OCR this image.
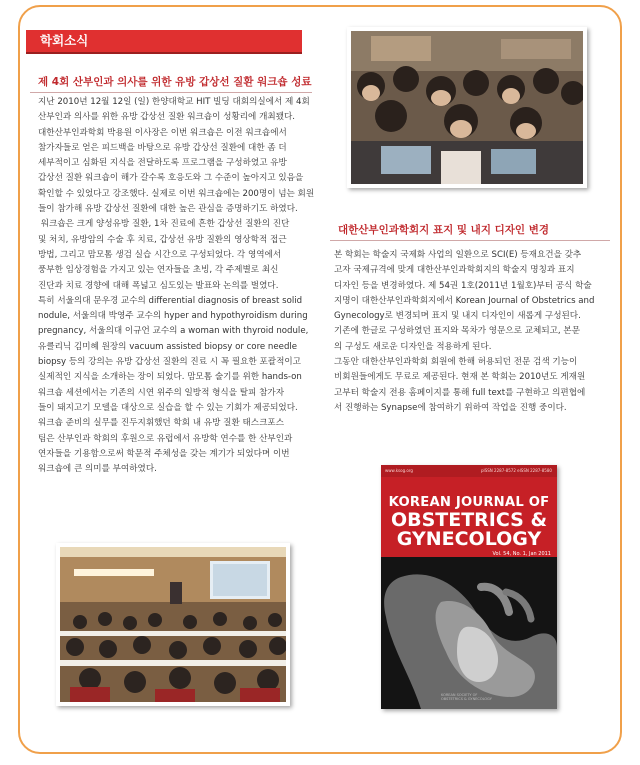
학회소식
제 4회 산부인과 의사를 위한 유방 갑상선 질환 워크숍 성료

지난 2010년 12월 12일 (일) 한양대학교 HIT 빌딩 대회의실에서 제 4회

산부인과 의사를 위한 유방 갑상선 질환 워크숍이 성황리에 개최됐다.

대한산부인과학회 박용원 이사장은 이번 워크숍은 이전 워크숍에서

참가자들로 얻은 피드백을 바탕으로 유방 갑상선 질환에 대한 좀 더

세부적이고 심화된 지식을 전달하도록 프로그램을 구성하였고 유방

갑상선 질환 워크숍이 해가 갈수록 호응도와 그 수준이 높아지고 있음을

확인할 수 있었다고 강조했다. 실제로 이번 워크숍에는 200명이 넘는 회원

들이 참가해 유방 갑상선 질환에 대한 높은 관심을 증명하기도 하였다.

워크숍은 크게 양성유방 질환, 1차 진료에 흔한 갑상선 질환의 진단

및 처치, 유방암의 수술 후 치료, 갑상선 유방 질환의 영상학적 접근

방법, 그리고 맘모톰 생검 실습 시간으로 구성되었다. 각 영역에서

풍부한 임상경험을 가지고 있는 연자들을 초빙, 각 주제별로 최신

진단과 치료 경향에 대해 폭넓고 심도있는 발표와 논의를 벌였다.

특히 서울의대 문우경 교수의 differential diagnosis of breast solid

nodule, 서울의대 박영주 교수의 hyper and hypothyroidism during

pregnancy, 서울의대 이규언 교수의 a woman with thyroid nodule,

유클리닉 김미혜 원장의 vacuum assisted biopsy or core needle

biopsy 등의 강의는 유방 갑상선 질환의 진료 시 꼭 필요한 포괄적이고

실제적인 지식을 소개하는 장이 되었다. 맘모톰 술기를 위한 hands-on

워크숍 세션에서는 기존의 시연 위주의 일방적 형식을 탈피 참가자

들이 돼지고기 모델을 대상으로 실습을 할 수 있는 기회가 제공되었다.

워크숍 준비의 실무를 진두지휘했던 학회 내 유방 질환 태스크포스

팀은 산부인과 학회의 후원으로 유럽에서 유방학 연수를 한 산부인과

연자들을 기용함으로써 학문적 주체성을 갖는 계기가 되었다며 이번

워크숍에 큰 의미를 부여하였다.

대한산부인과학회지 표지 및 내지 디자인 변경

본 학회는 학술지 국제화 사업의 일환으로 SCI(E) 등재요건을 갖추

고자 국제규격에 맞게 대한산부인과학회지의 학술지 명칭과 표지

디자인 등을 변경하였다. 제 54권 1호(2011년 1월호)부터 공식 학술

지명이 대한산부인과학회지에서 Korean Journal of Obstetrics and

Gynecology로 변경되며 표지 및 내지 디자인이 새롭게 구성된다.

기존에 한글로 구성하였던 표지와 목차가 영문으로 교체되고, 본문

의 구성도 새로운 디자인을 적용하게 된다.

그동안 대한산부인과학회 회원에 한해 허용되던 전문 검색 기능이

비회원들에게도 무료로 제공된다. 현재 본 학회는 2010년도 게재원

고부터 학술지 전용 홈페이지를 통해 full text를 구현하고 의편협에

서 진행하는 Synapse에 참여하기 위하여 작업을 진행 중이다.

www.ksog.org	pISSN 2287-8572 eISSN 2287-8580
KOREAN JOURNAL OF
OBSTETRICS &
GYNECOLOGY
Vol. 54, No. 1, Jan 2011
KOREAN SOCIETY OF
OBSTETRICS & GYNECOLOGY
